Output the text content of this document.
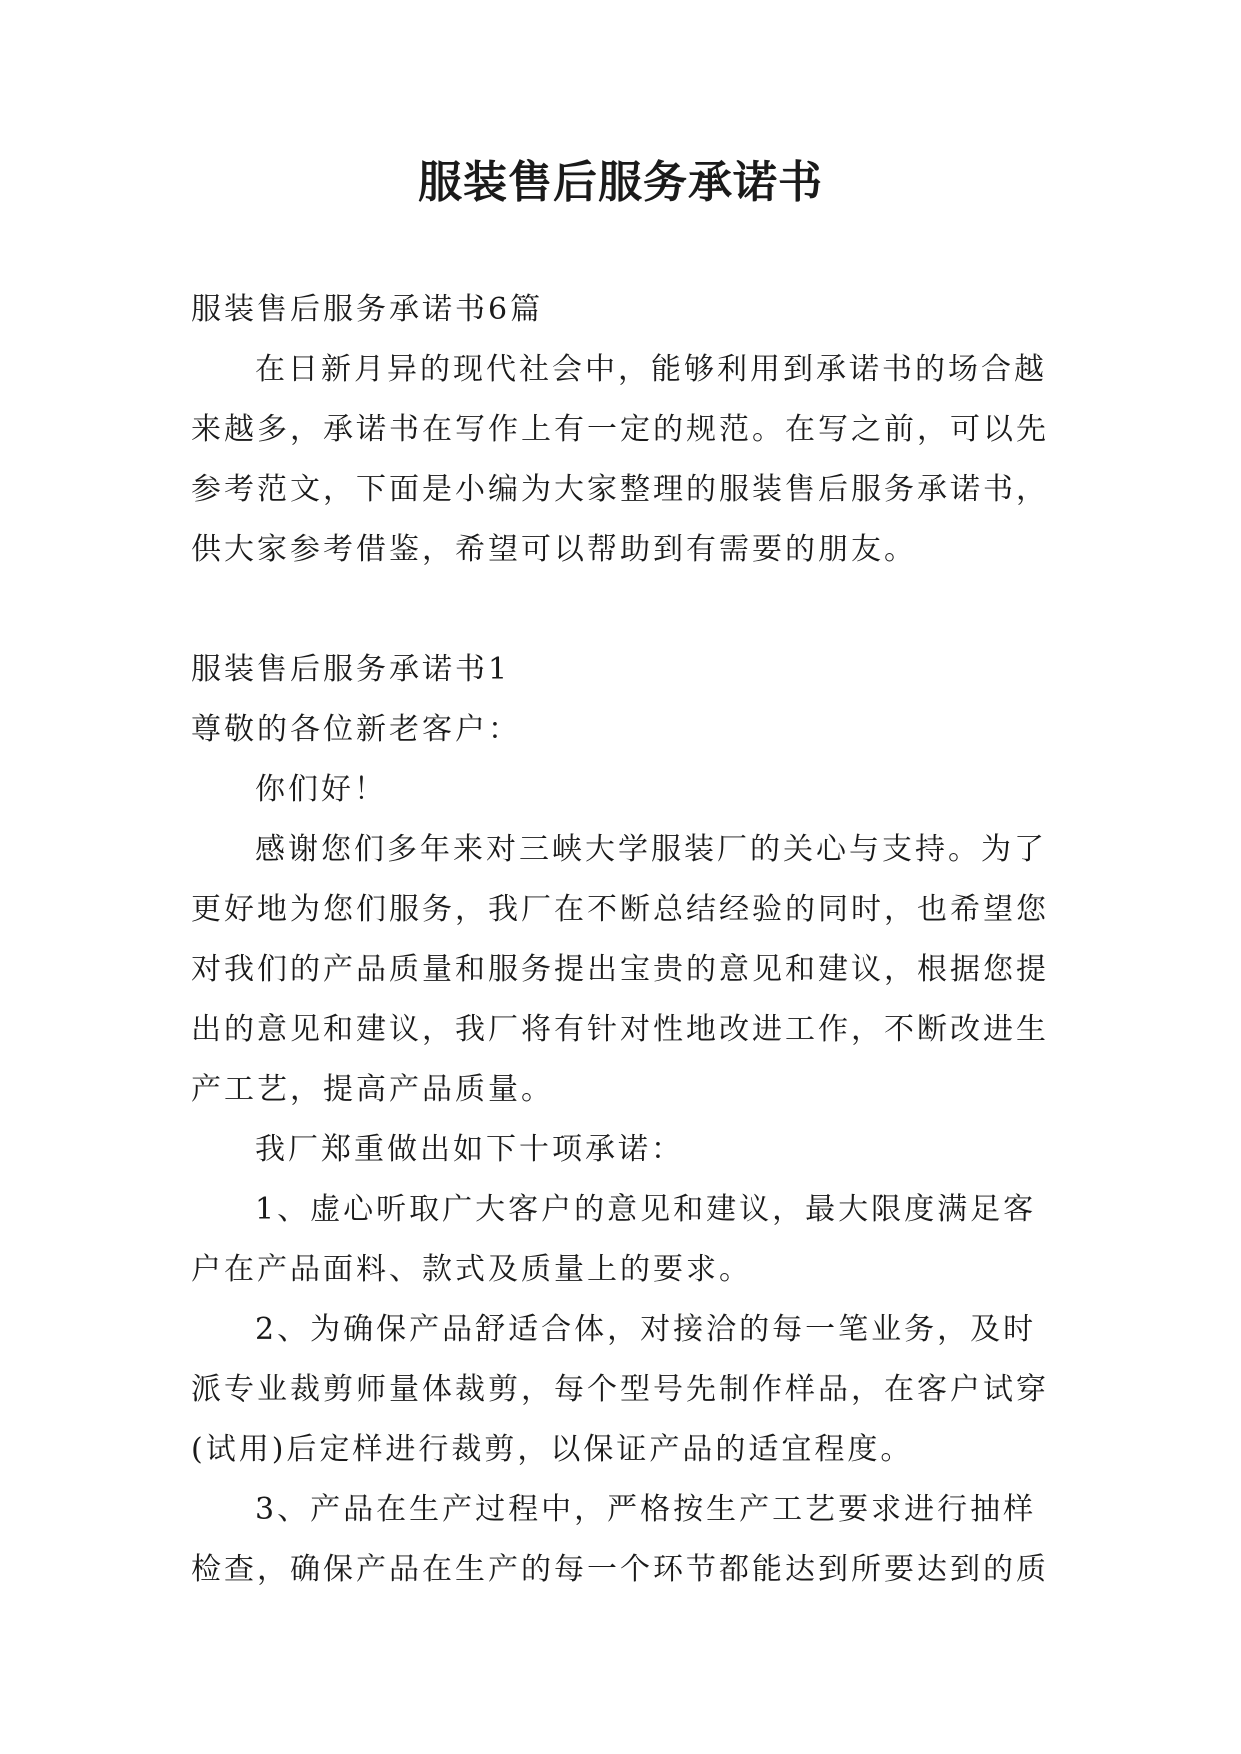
服装售后服务承诺书

服装售后服务承诺书6篇

在日新月异的现代社会中，能够利用到承诺书的场合越来越多，承诺书在写作上有一定的规范。在写之前，可以先参考范文，下面是小编为大家整理的服装售后服务承诺书，供大家参考借鉴，希望可以帮助到有需要的朋友。

服装售后服务承诺书1

尊敬的各位新老客户：

你们好！

感谢您们多年来对三峡大学服装厂的关心与支持。为了更好地为您们服务，我厂在不断总结经验的同时，也希望您对我们的产品质量和服务提出宝贵的意见和建议，根据您提出的意见和建议，我厂将有针对性地改进工作，不断改进生产工艺，提高产品质量。

我厂郑重做出如下十项承诺：

1、虚心听取广大客户的意见和建议，最大限度满足客户在产品面料、款式及质量上的要求。

2、为确保产品舒适合体，对接洽的每一笔业务，及时派专业裁剪师量体裁剪，每个型号先制作样品，在客户试穿(试用)后定样进行裁剪，以保证产品的适宜程度。

3、产品在生产过程中，严格按生产工艺要求进行抽样检查，确保产品在生产的每一个环节都能达到所要达到的质
